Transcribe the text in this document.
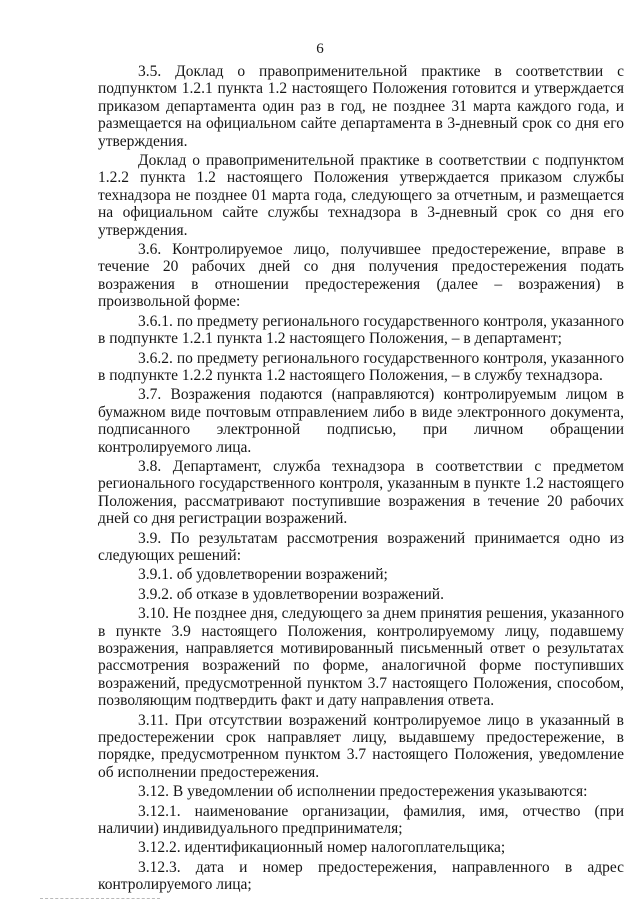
6

3.5. Доклад о правоприменительной практике в соответствии с подпунктом 1.2.1 пункта 1.2 настоящего Положения готовится и утверждается приказом департамента один раз в год, не позднее 31 марта каждого года, и размещается на официальном сайте департамента в 3-дневный срок со дня его утверждения.

Доклад о правоприменительной практике в соответствии с подпунктом 1.2.2 пункта 1.2 настоящего Положения утверждается приказом службы технадзора не позднее 01 марта года, следующего за отчетным, и размещается на официальном сайте службы технадзора в 3-дневный срок со дня его утверждения.

3.6. Контролируемое лицо, получившее предостережение, вправе в течение 20 рабочих дней со дня получения предостережения подать возражения в отношении предостережения (далее – возражения) в произвольной форме:

3.6.1. по предмету регионального государственного контроля, указанного в подпункте 1.2.1 пункта 1.2 настоящего Положения, – в департамент;

3.6.2. по предмету регионального государственного контроля, указанного в подпункте 1.2.2 пункта 1.2 настоящего Положения, – в службу технадзора.

3.7. Возражения подаются (направляются) контролируемым лицом в бумажном виде почтовым отправлением либо в виде электронного документа, подписанного электронной подписью, при личном обращении контролируемого лица.

3.8. Департамент, служба технадзора в соответствии с предметом регионального государственного контроля, указанным в пункте 1.2 настоящего Положения, рассматривают поступившие возражения в течение 20 рабочих дней со дня регистрации возражений.

3.9. По результатам рассмотрения возражений принимается одно из следующих решений:

3.9.1. об удовлетворении возражений;

3.9.2. об отказе в удовлетворении возражений.

3.10. Не позднее дня, следующего за днем принятия решения, указанного в пункте 3.9 настоящего Положения, контролируемому лицу, подавшему возражения, направляется мотивированный письменный ответ о результатах рассмотрения возражений по форме, аналогичной форме поступивших возражений, предусмотренной пунктом 3.7 настоящего Положения, способом, позволяющим подтвердить факт и дату направления ответа.

3.11. При отсутствии возражений контролируемое лицо в указанный в предостережении срок направляет лицу, выдавшему предостережение, в порядке, предусмотренном пунктом 3.7 настоящего Положения, уведомление об исполнении предостережения.

3.12. В уведомлении об исполнении предостережения указываются:

3.12.1. наименование организации, фамилия, имя, отчество (при наличии) индивидуального предпринимателя;

3.12.2. идентификационный номер налогоплательщика;

3.12.3. дата и номер предостережения, направленного в адрес контролируемого лица;
